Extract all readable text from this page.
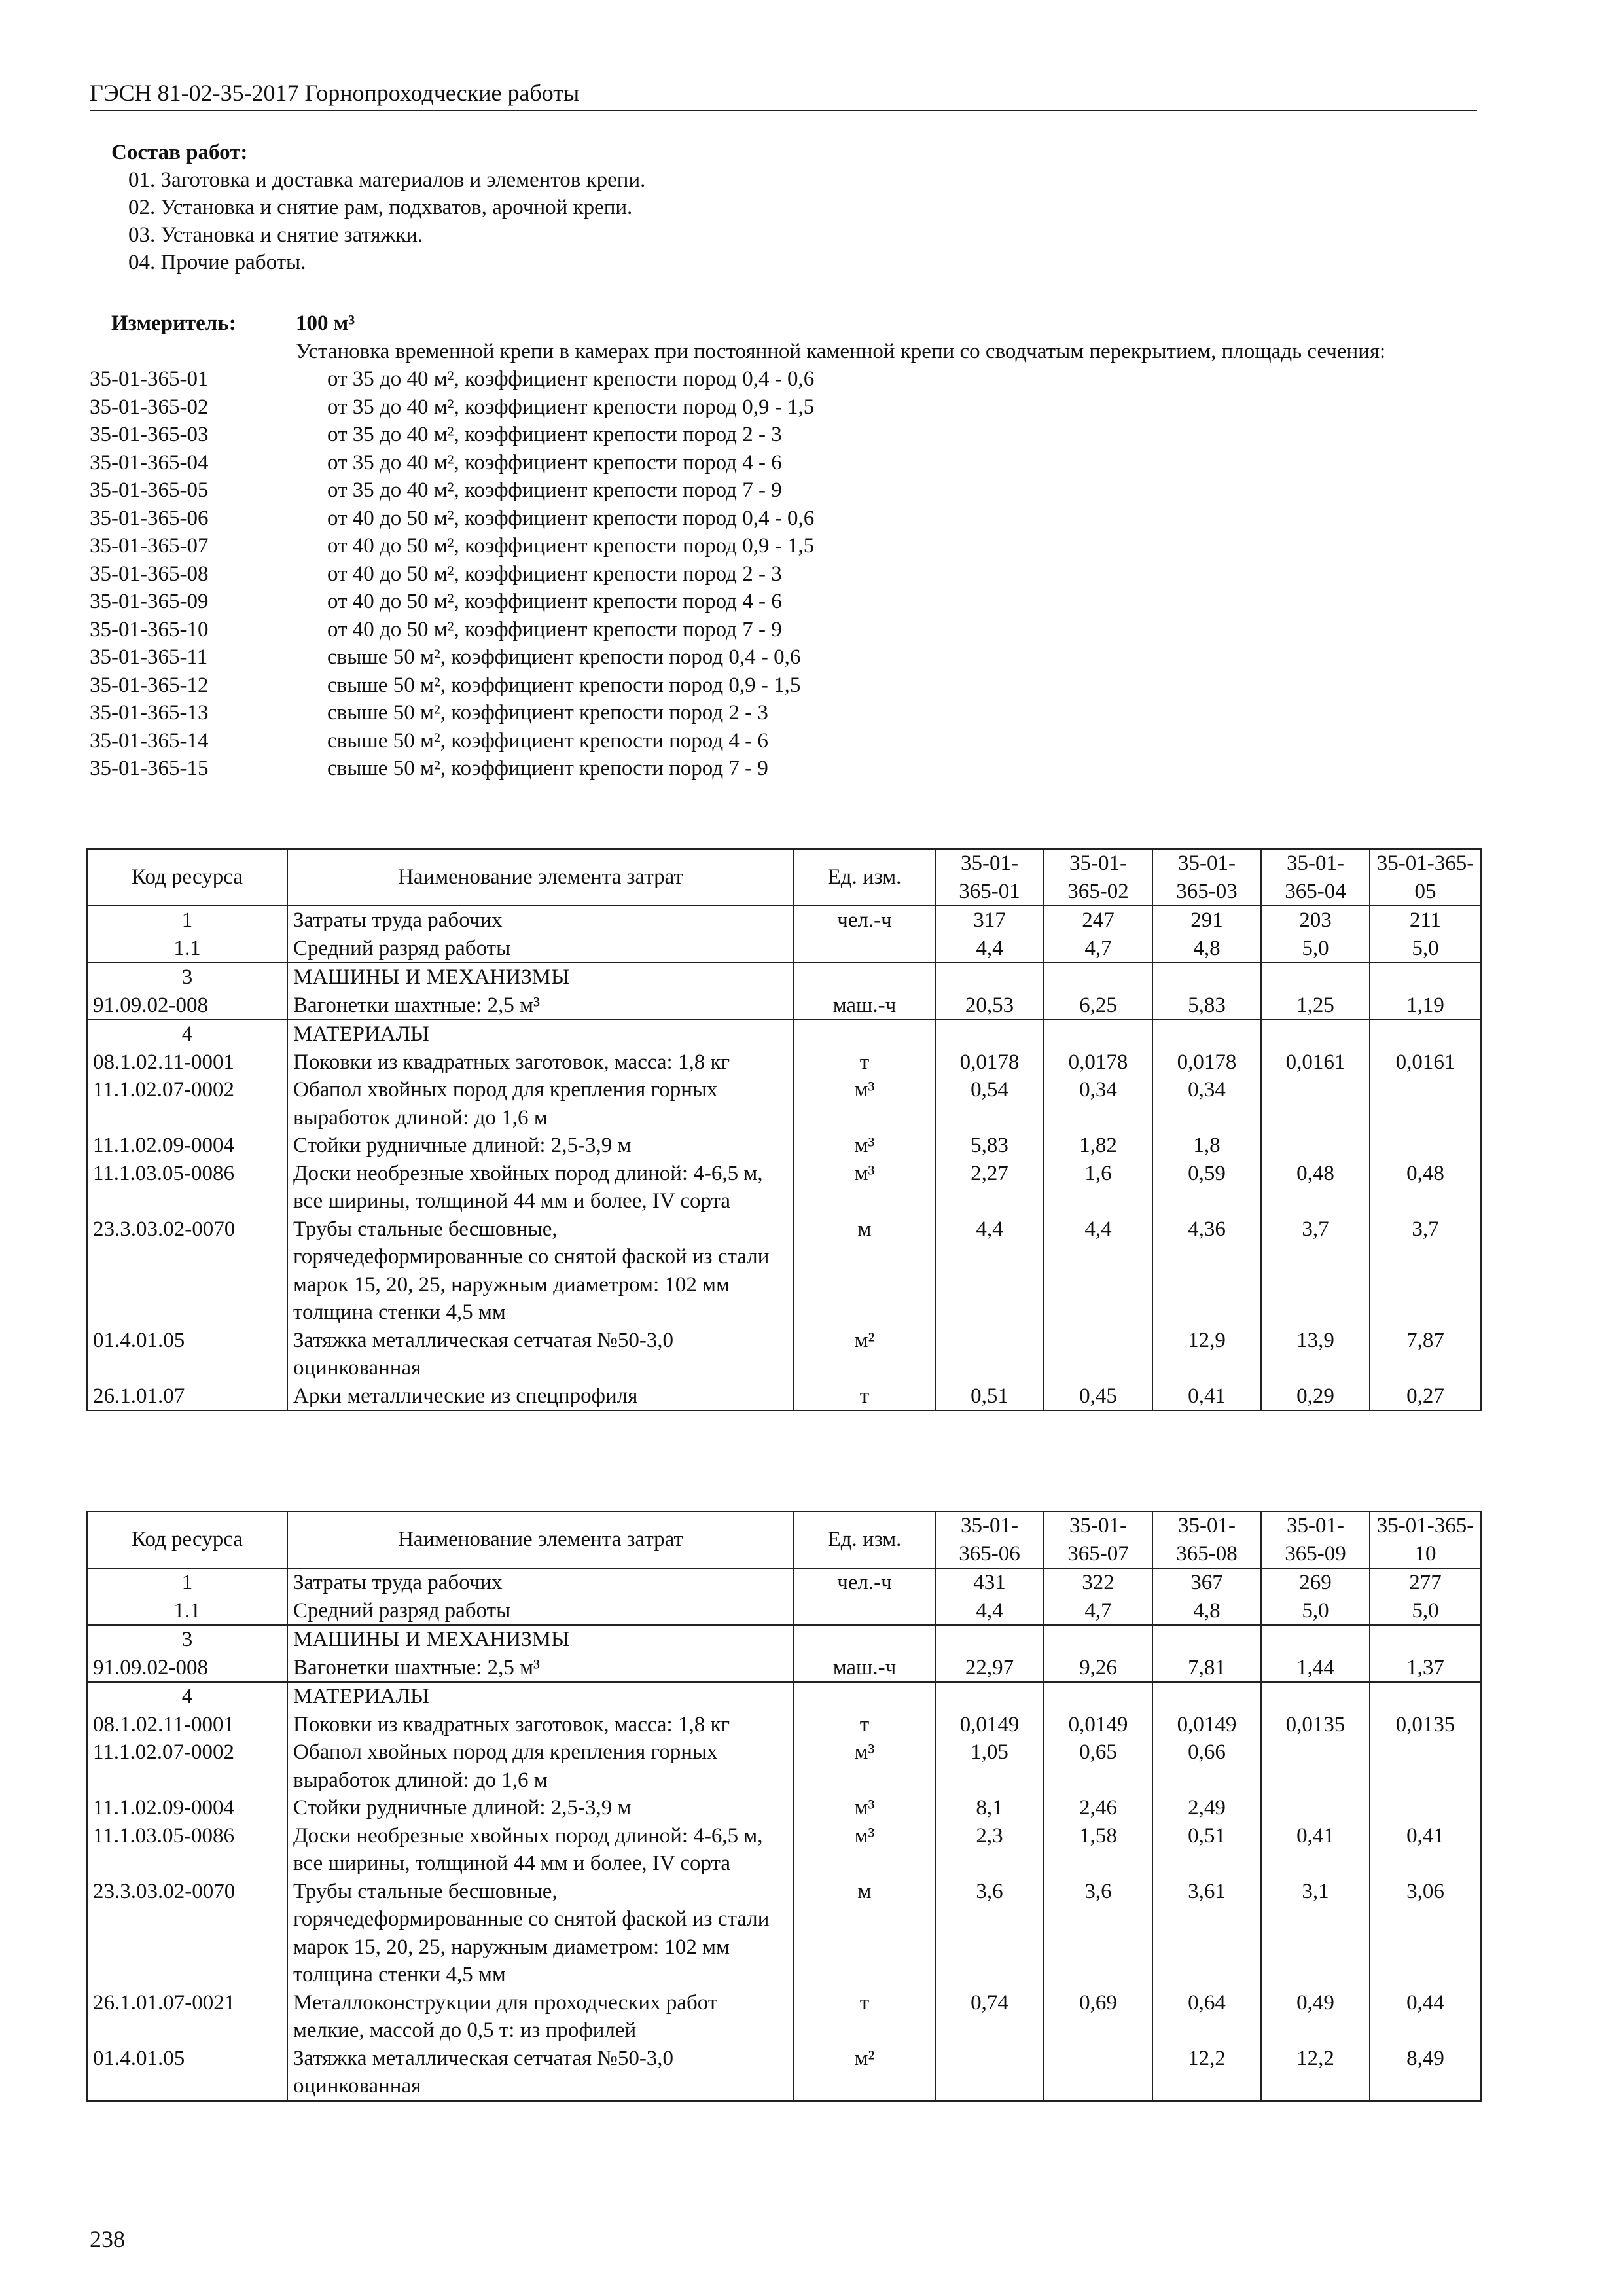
ГЭСН 81-02-35-2017 Горнопроходческие работы
Состав работ:
01. Заготовка и доставка материалов и элементов крепи.
02. Установка и снятие рам, подхватов, арочной крепи.
03. Установка и снятие затяжки.
04. Прочие работы.
Измеритель:	100 м³
Установка временной крепи в камерах при постоянной каменной крепи со сводчатым перекрытием, площадь сечения:
35-01-365-01	от 35 до 40 м², коэффициент крепости пород 0,4 - 0,6
35-01-365-02	от 35 до 40 м², коэффициент крепости пород 0,9 - 1,5
35-01-365-03	от 35 до 40 м², коэффициент крепости пород 2 - 3
35-01-365-04	от 35 до 40 м², коэффициент крепости пород 4 - 6
35-01-365-05	от 35 до 40 м², коэффициент крепости пород 7 - 9
35-01-365-06	от 40 до 50 м², коэффициент крепости пород 0,4 - 0,6
35-01-365-07	от 40 до 50 м², коэффициент крепости пород 0,9 - 1,5
35-01-365-08	от 40 до 50 м², коэффициент крепости пород 2 - 3
35-01-365-09	от 40 до 50 м², коэффициент крепости пород 4 - 6
35-01-365-10	от 40 до 50 м², коэффициент крепости пород 7 - 9
35-01-365-11	свыше 50 м², коэффициент крепости пород 0,4 - 0,6
35-01-365-12	свыше 50 м², коэффициент крепости пород 0,9 - 1,5
35-01-365-13	свыше 50 м², коэффициент крепости пород 2 - 3
35-01-365-14	свыше 50 м², коэффициент крепости пород 4 - 6
35-01-365-15	свыше 50 м², коэффициент крепости пород 7 - 9
Код ресурса	Наименование элемента затрат	Ед. изм.	35-01-365-01	35-01-365-02	35-01-365-03	35-01-365-04	35-01-365-05
1	Затраты труда рабочих	чел.-ч	317	247	291	203	211
1.1	Средний разряд работы		4,4	4,7	4,8	5,0	5,0
3	МАШИНЫ И МЕХАНИЗМЫ						
91.09.02-008	Вагонетки шахтные: 2,5 м³	маш.-ч	20,53	6,25	5,83	1,25	1,19
4	МАТЕРИАЛЫ						
08.1.02.11-0001	Поковки из квадратных заготовок, масса: 1,8 кг	т	0,0178	0,0178	0,0178	0,0161	0,0161
11.1.02.07-0002	Обапол хвойных пород для крепления горных выработок длиной: до 1,6 м	м³	0,54	0,34	0,34		
11.1.02.09-0004	Стойки рудничные длиной: 2,5-3,9 м	м³	5,83	1,82	1,8		
11.1.03.05-0086	Доски необрезные хвойных пород длиной: 4-6,5 м, все ширины, толщиной 44 мм и более, IV сорта	м³	2,27	1,6	0,59	0,48	0,48
23.3.03.02-0070	Трубы стальные бесшовные, горячедеформированные со снятой фаской из стали марок 15, 20, 25, наружным диаметром: 102 мм толщина стенки 4,5 мм	м	4,4	4,4	4,36	3,7	3,7
01.4.01.05	Затяжка металлическая сетчатая №50-3,0 оцинкованная	м²			12,9	13,9	7,87
26.1.01.07	Арки металлические из спецпрофиля	т	0,51	0,45	0,41	0,29	0,27
Код ресурса	Наименование элемента затрат	Ед. изм.	35-01-365-06	35-01-365-07	35-01-365-08	35-01-365-09	35-01-365-10
1	Затраты труда рабочих	чел.-ч	431	322	367	269	277
1.1	Средний разряд работы		4,4	4,7	4,8	5,0	5,0
3	МАШИНЫ И МЕХАНИЗМЫ						
91.09.02-008	Вагонетки шахтные: 2,5 м³	маш.-ч	22,97	9,26	7,81	1,44	1,37
4	МАТЕРИАЛЫ						
08.1.02.11-0001	Поковки из квадратных заготовок, масса: 1,8 кг	т	0,0149	0,0149	0,0149	0,0135	0,0135
11.1.02.07-0002	Обапол хвойных пород для крепления горных выработок длиной: до 1,6 м	м³	1,05	0,65	0,66		
11.1.02.09-0004	Стойки рудничные длиной: 2,5-3,9 м	м³	8,1	2,46	2,49		
11.1.03.05-0086	Доски необрезные хвойных пород длиной: 4-6,5 м, все ширины, толщиной 44 мм и более, IV сорта	м³	2,3	1,58	0,51	0,41	0,41
23.3.03.02-0070	Трубы стальные бесшовные, горячедеформированные со снятой фаской из стали марок 15, 20, 25, наружным диаметром: 102 мм толщина стенки 4,5 мм	м	3,6	3,6	3,61	3,1	3,06
26.1.01.07-0021	Металлоконструкции для проходческих работ мелкие, массой до 0,5 т: из профилей	т	0,74	0,69	0,64	0,49	0,44
01.4.01.05	Затяжка металлическая сетчатая №50-3,0 оцинкованная	м²			12,2	12,2	8,49
238
